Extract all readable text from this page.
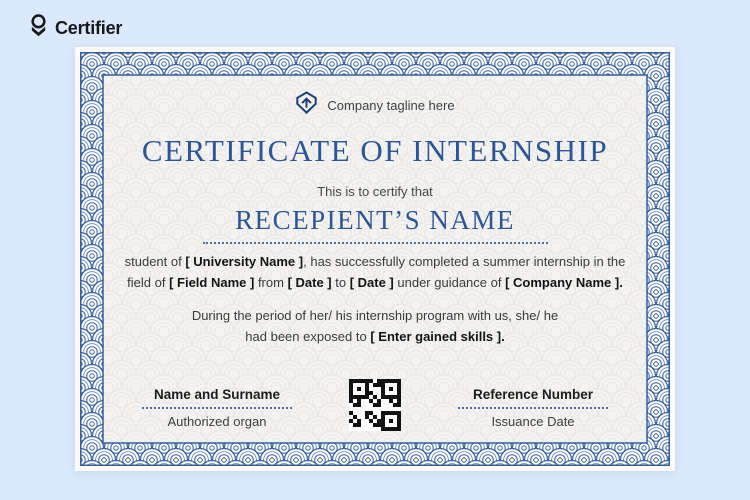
Certifier
Company tagline here
CERTIFICATE OF INTERNSHIP
This is to certify that
RECEPIENT’S NAME

student of [ University Name ], has successfully completed a summer internship in the
field of [ Field Name ] from [ Date ] to [ Date ] under guidance of [ Company Name ].

During the period of her/ his internship program with us, she/ he
had been exposed to [ Enter gained skills ].

Name and Surname
Authorized organ
Reference Number
Issuance Date
